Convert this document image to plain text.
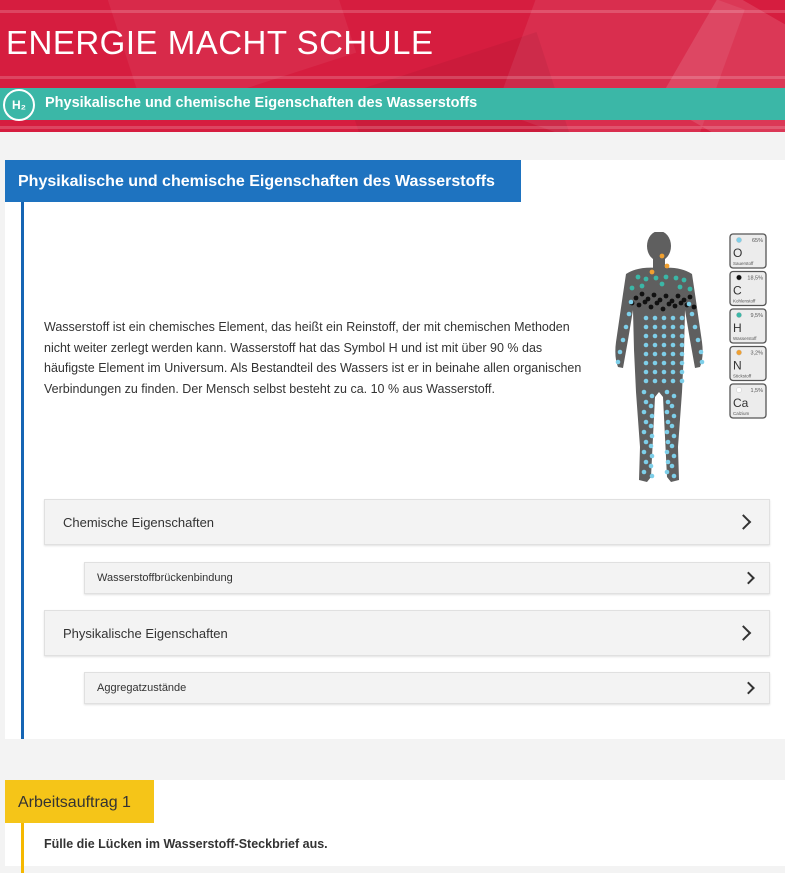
ENERGIE MACHT SCHULE
H₂	Physikalische und chemische Eigenschaften des Wasserstoffs
Physikalische und chemische Eigenschaften des Wasserstoffs
Wasserstoff ist ein chemisches Element, das heißt ein Reinstoff, der mit chemischen Methoden nicht weiter zerlegt werden kann. Wasserstoff hat das Symbol H und ist mit über 90 % das häufigste Element im Universum. Als Bestandteil des Wassers ist er in beinahe allen organischen Verbindungen zu finden. Der Mensch selbst besteht zu ca. 10 % aus Wasserstoff.
65%
O
Sauerstoff
18,5%
C
Kohlenstoff
9,5%
H
Wasserstoff
3,2%
N
Stickstoff
1,5%
Ca
Calzium
Chemische Eigenschaften
Wasserstoffbrückenbindung
Physikalische Eigenschaften
Aggregatzustände
Arbeitsauftrag 1
Fülle die Lücken im Wasserstoff-Steckbrief aus.
